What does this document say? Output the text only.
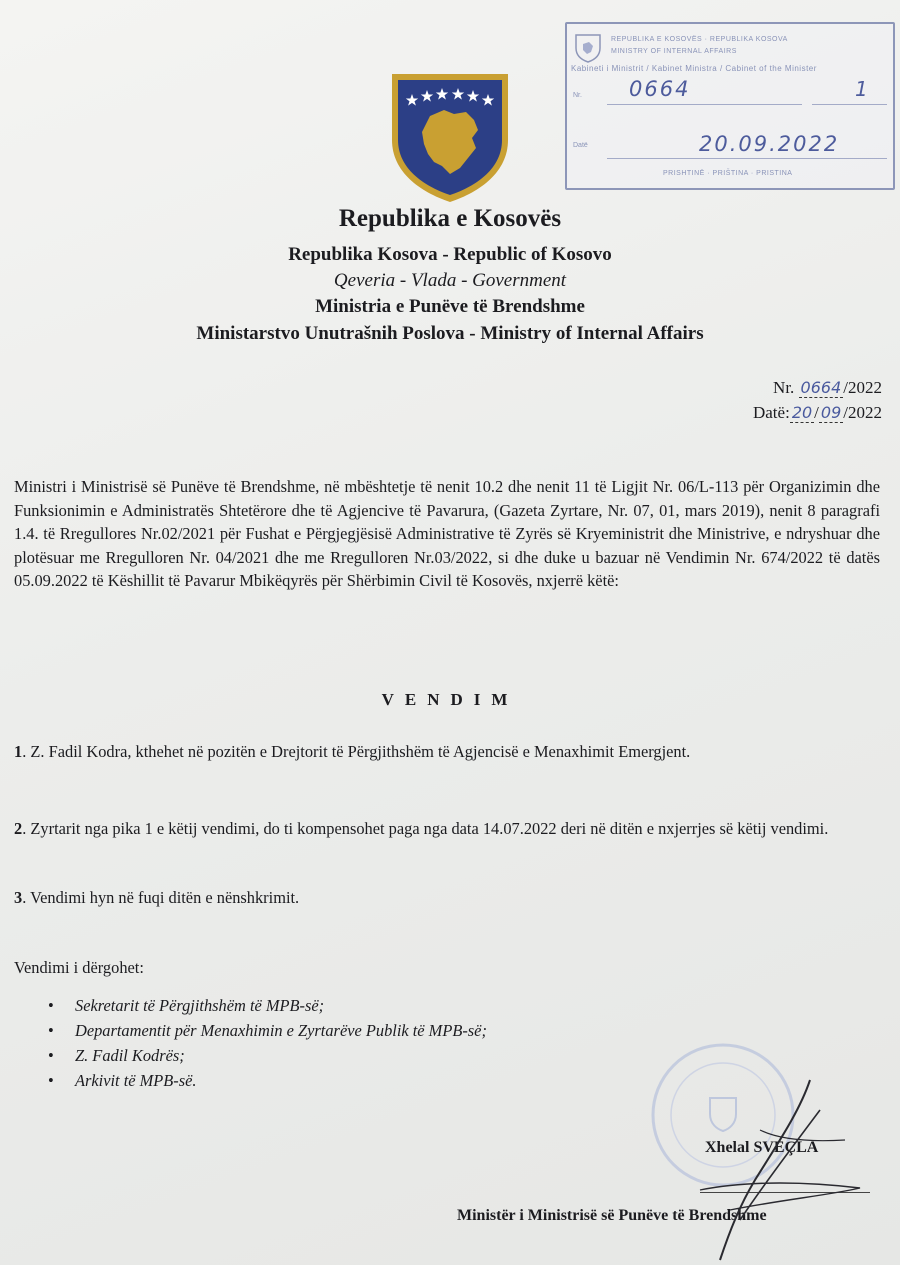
REPUBLIKA E KOSOVËS · REPUBLIKA KOSOVA
MINISTRY OF INTERNAL AFFAIRS
Kabineti i Ministrit / Kabinet Ministra / Cabinet of the Minister
Nr. 0664	1
Datë	20.09.2022
PRISHTINË · PRIŠTINA · PRISTINA
Republika e Kosovës
Republika Kosova - Republic of Kosovo
Qeveria - Vlada - Government
Ministria e Punëve të Brendshme
Ministarstvo Unutrašnih Poslova - Ministry of Internal Affairs
Nr. 0664 /2022
Datë: 20 / 09 /2022
Ministri i Ministrisë së Punëve të Brendshme, në mbështetje të nenit 10.2 dhe nenit 11 të Ligjit Nr. 06/L-113 për Organizimin dhe Funksionimin e Administratës Shtetërore dhe të Agjencive të Pavarura, (Gazeta Zyrtare, Nr. 07, 01, mars 2019), nenit 8 paragrafi 1.4. të Rregullores Nr.02/2021 për Fushat e Përgjegjësisë Administrative të Zyrës së Kryeministrit dhe Ministrive, e ndryshuar dhe plotësuar me Rregulloren Nr. 04/2021 dhe me Rregulloren Nr.03/2022, si dhe duke u bazuar në Vendimin Nr. 674/2022 të datës 05.09.2022 të Këshillit të Pavarur Mbikëqyrës për Shërbimin Civil të Kosovës, nxjerrë këtë:
VENDIM
1. Z. Fadil Kodra, kthehet në pozitën e Drejtorit të Përgjithshëm të Agjencisë e Menaxhimit Emergjent.
2. Zyrtarit nga pika 1 e këtij vendimi, do ti kompensohet paga nga data 14.07.2022 deri në ditën e nxjerrjes së këtij vendimi.
3. Vendimi hyn në fuqi ditën e nënshkrimit.
Vendimi i dërgohet:
• Sekretarit të Përgjithshëm të MPB-së;
• Departamentit për Menaxhimin e Zyrtarëve Publik të MPB-së;
• Z. Fadil Kodrës;
• Arkivit të MPB-së.
Xhelal SVEÇLA
Ministër i Ministrisë së Punëve të Brendshme
